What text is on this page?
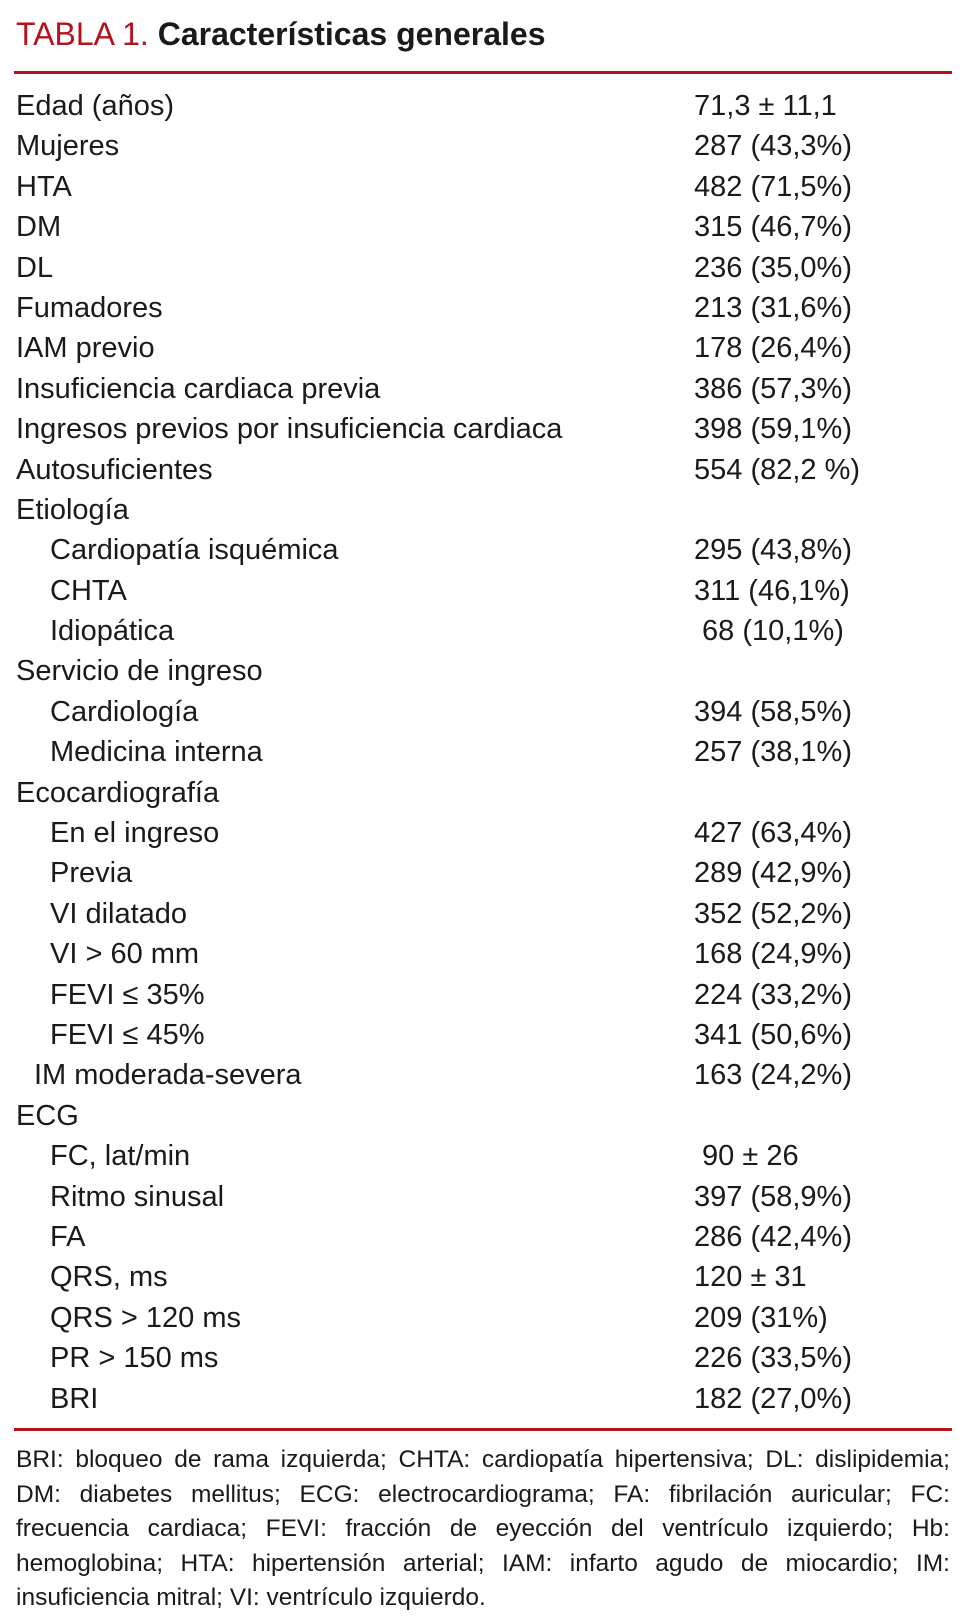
TABLA 1. Características generales
Edad (años)	71,3 ± 11,1
Mujeres	287 (43,3%)
HTA	482 (71,5%)
DM	315 (46,7%)
DL	236 (35,0%)
Fumadores	213 (31,6%)
IAM previo	178 (26,4%)
Insuficiencia cardiaca previa	386 (57,3%)
Ingresos previos por insuficiencia cardiaca	398 (59,1%)
Autosuficientes	554 (82,2 %)
Etiología
Cardiopatía isquémica	295 (43,8%)
CHTA	311 (46,1%)
Idiopática	68 (10,1%)
Servicio de ingreso
Cardiología	394 (58,5%)
Medicina interna	257 (38,1%)
Ecocardiografía
En el ingreso	427 (63,4%)
Previa	289 (42,9%)
VI dilatado	352 (52,2%)
VI > 60 mm	168 (24,9%)
FEVI ≤ 35%	224 (33,2%)
FEVI ≤ 45%	341 (50,6%)
IM moderada-severa	163 (24,2%)
ECG
FC, lat/min	90 ± 26
Ritmo sinusal	397 (58,9%)
FA	286 (42,4%)
QRS, ms	120 ± 31
QRS > 120 ms	209 (31%)
PR > 150 ms	226 (33,5%)
BRI	182 (27,0%)

BRI: bloqueo de rama izquierda; CHTA: cardiopatía hipertensiva; DL: dislipidemia; DM: diabetes mellitus; ECG: electrocardiograma; FA: fibrilación auricular; FC: frecuencia cardiaca; FEVI: fracción de eyección del ventrículo izquierdo; Hb: hemoglobina; HTA: hipertensión arterial; IAM: infarto agudo de miocardio; IM: insuficiencia mitral; VI: ventrículo izquierdo.
